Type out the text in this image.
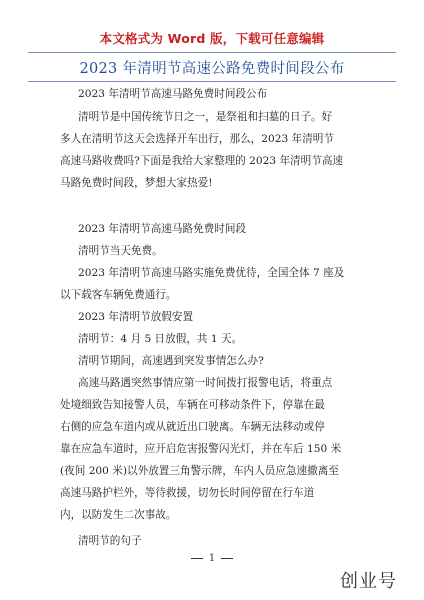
本文格式为 Word 版，下载可任意编辑
2023 年清明节高速公路免费时间段公布
2023 年清明节高速马路免费时间段公布
清明节是中国传统节日之一，是祭祖和扫墓的日子。好
多人在清明节这天会选择开车出行，那么，2023 年清明节
高速马路收费吗?下面是我给大家整理的 2023 年清明节高速
马路免费时间段，梦想大家热爱!
2023 年清明节高速马路免费时间段
清明节当天免费。
2023 年清明节高速马路实施免费优待，全国全体 7 座及
以下载客车辆免费通行。
2023 年清明节放假安置
清明节：4 月 5 日放假，共 1 天。
清明节期间，高速遇到突发事情怎么办?
高速马路遇突然事情应第一时间拨打报警电话，将重点
处境细致告知接警人员，车辆在可移动条件下，停靠在最
右侧的应急车道内或从就近出口驶离。车辆无法移动或停
靠在应急车道时，应开启危害报警闪光灯，并在车后 150 米
(夜间 200 米)以外放置三角警示牌，车内人员应急速撤离至
高速马路护栏外，等待救援，切勿长时间停留在行车道
内，以防发生二次事故。
清明节的句子
1
创业号
